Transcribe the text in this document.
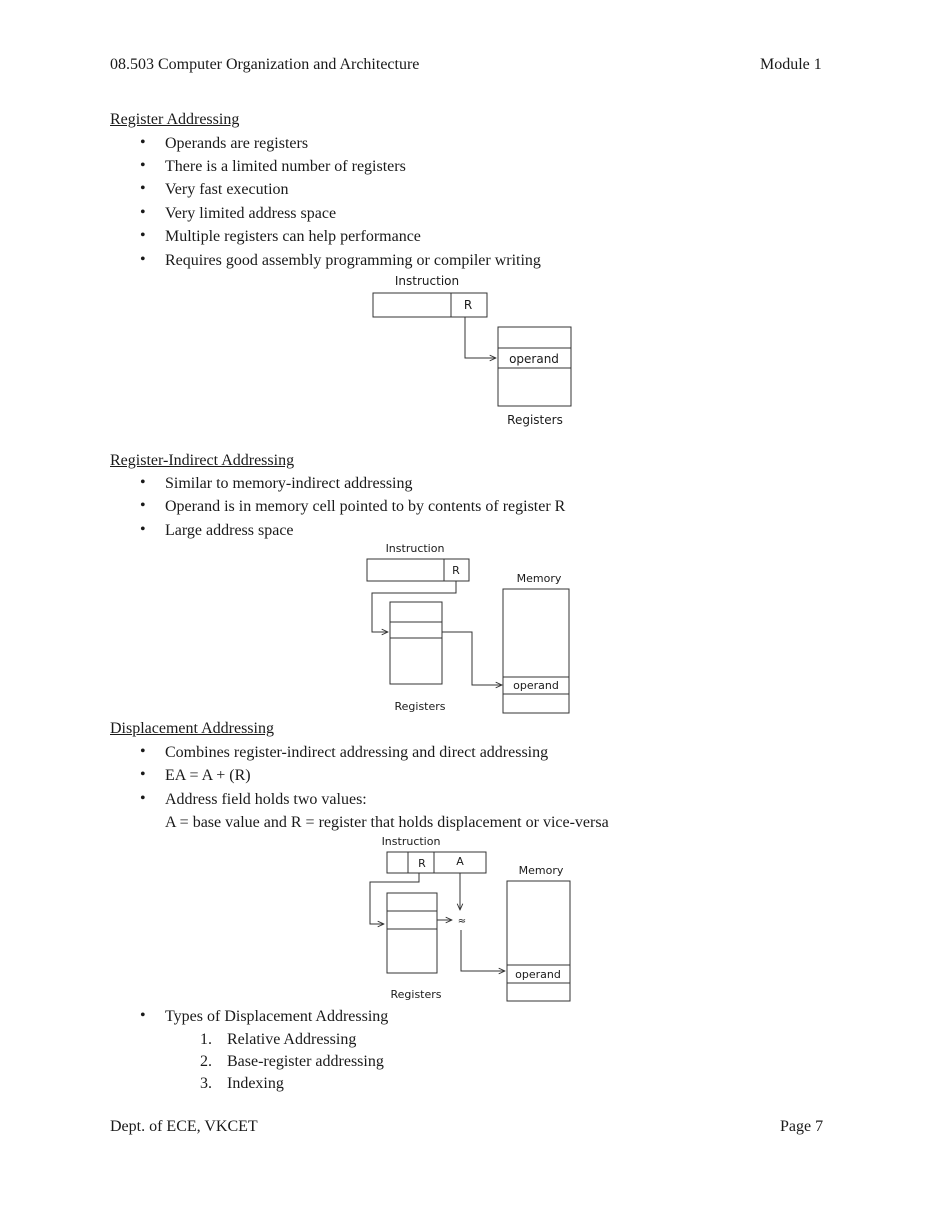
08.503 Computer Organization and Architecture	Module 1
Register Addressing
• Operands are registers
• There is a limited number of registers
• Very fast execution
• Very limited address space
• Multiple registers can help performance
• Requires good assembly programming or compiler writing
Instruction
R
operand
Registers
Instruction
R
Registers
Memory
operand
Instruction
R	A
Registers
≈
Memory
operand
Register-Indirect Addressing
• Similar to memory-indirect addressing
• Operand is in memory cell pointed to by contents of register R
• Large address space
Displacement Addressing
• Combines register-indirect addressing and direct addressing
• EA = A + (R)
• Address field holds two values:
• Types of Displacement Addressing
A = base value and R = register that holds displacement or vice-versa
1. Relative Addressing
2. Base-register addressing
3. Indexing
Dept. of ECE, VKCET	Page 7
